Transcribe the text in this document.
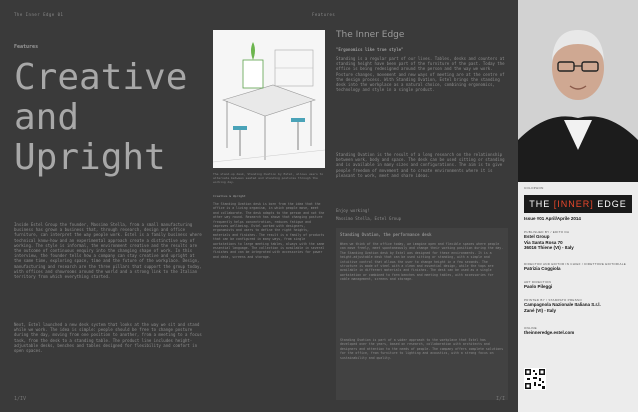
The Inner Edge 01	Features
Features
Creative
and
Upright
Inside Estel Group the founder, Massimo Stella, from a small manufacturing business has grown a business that, through research, design and office furniture, can interpret the way people work. Estel is a family business where technical know-how and an experimental approach create a distinctive way of working. The style is informal, the environment creative and the results are the outcome of continuous enquiry into the changing shape of work. In this interview, the founder tells how a company can stay creative and upright at the same time, exploring space, time and the future of the workplace. Design, manufacturing and research are the three pillars that support the group today, with offices and showrooms around the world and a strong link to the Italian territory from which everything started.
Next, Estel launched a new desk system that looks at the way we sit and stand while we work. The idea is simple: people should be free to change posture during the day, moving from one position to another, from a meeting to a focus task, from the desk to a standing table. The product line includes height-adjustable desks, benches and tables designed for flexibility and comfort in open spaces.
The stand-up desk, Standing Ovation by Estel, allows users to alternate between seated and standing postures through the working day.
Creative & Upright
The Standing Ovation desk is born from the idea that the office is a living organism, in which people move, meet and collaborate. The desk adapts to the person and not the other way round. Research has shown that changing posture frequently helps concentration, reduces fatigue and improves wellbeing. Estel worked with designers, ergonomists and users to define the right heights, materials and finishes. The result is a family of products that can be configured in many ways, from single workstations to large meeting tables, always with the same essential language. The collection is available in several finishes and can be integrated with accessories for power and data, screens and storage.
The Inner Edge
"Ergonomics like true style"
Standing is a regular part of our lives. Tables, desks and counters at standing height have been part of the furniture of the past. Today the office is being redesigned around the person and the way we work. Posture changes, movement and new ways of meeting are at the centre of the design process. With Standing Ovation, Estel brings the standing desk into the workplace as a natural choice, combining ergonomics, technology and style in a single product.
Standing Ovation is the result of a long research on the relationship between work, body and space. The desk can be used sitting or standing and is available in many sizes and configurations. The aim is to give people freedom of movement and to create environments where it is pleasant to work, meet and share ideas.
Enjoy working!
Massimo Stella, Estel Group
Standing Ovation, the performance desk
When we think of the office today, we imagine open and flexible spaces where people can move freely, meet spontaneously and change their working position during the day. The Standing Ovation desk by Estel was designed for these environments. It is a height-adjustable desk that can be used sitting or standing, with a simple and intuitive control that allows the user to change height in a few seconds. The structure is made of steel with a clean and essential design, while the tops are available in different materials and finishes. The desk can be used as a single workstation or combined to form benches and meeting tables, with accessories for cable management, screens and storage.
Standing Ovation is part of a wider approach to the workplace that Estel has developed over the years, based on research, collaboration with architects and designers and attention to the needs of people. The company offers complete solutions for the office, from furniture to lighting and acoustics, with a strong focus on sustainability and quality.
1/IV	I/I
COLOPHON
THE [INNER] EDGE
Issue #01 April/Aprile 2014
PUBLISHED BY / EDITO DA
Estel Group
Via Santa Rosa 70
36016 Thiene (VI) - Italy
DIRECTOR AND EDITOR IN CHIEF / DIRETTORE EDITORIALE
Patrizia Coggiola
ART DIRECTION
Paolo Pileggi
PRINTED BY / STAMPATO PRESSO
Campagnola Nazionale Italiana S.r.l.
Zané (VI) - Italy
ONLINE
theinneredge.estel.com
